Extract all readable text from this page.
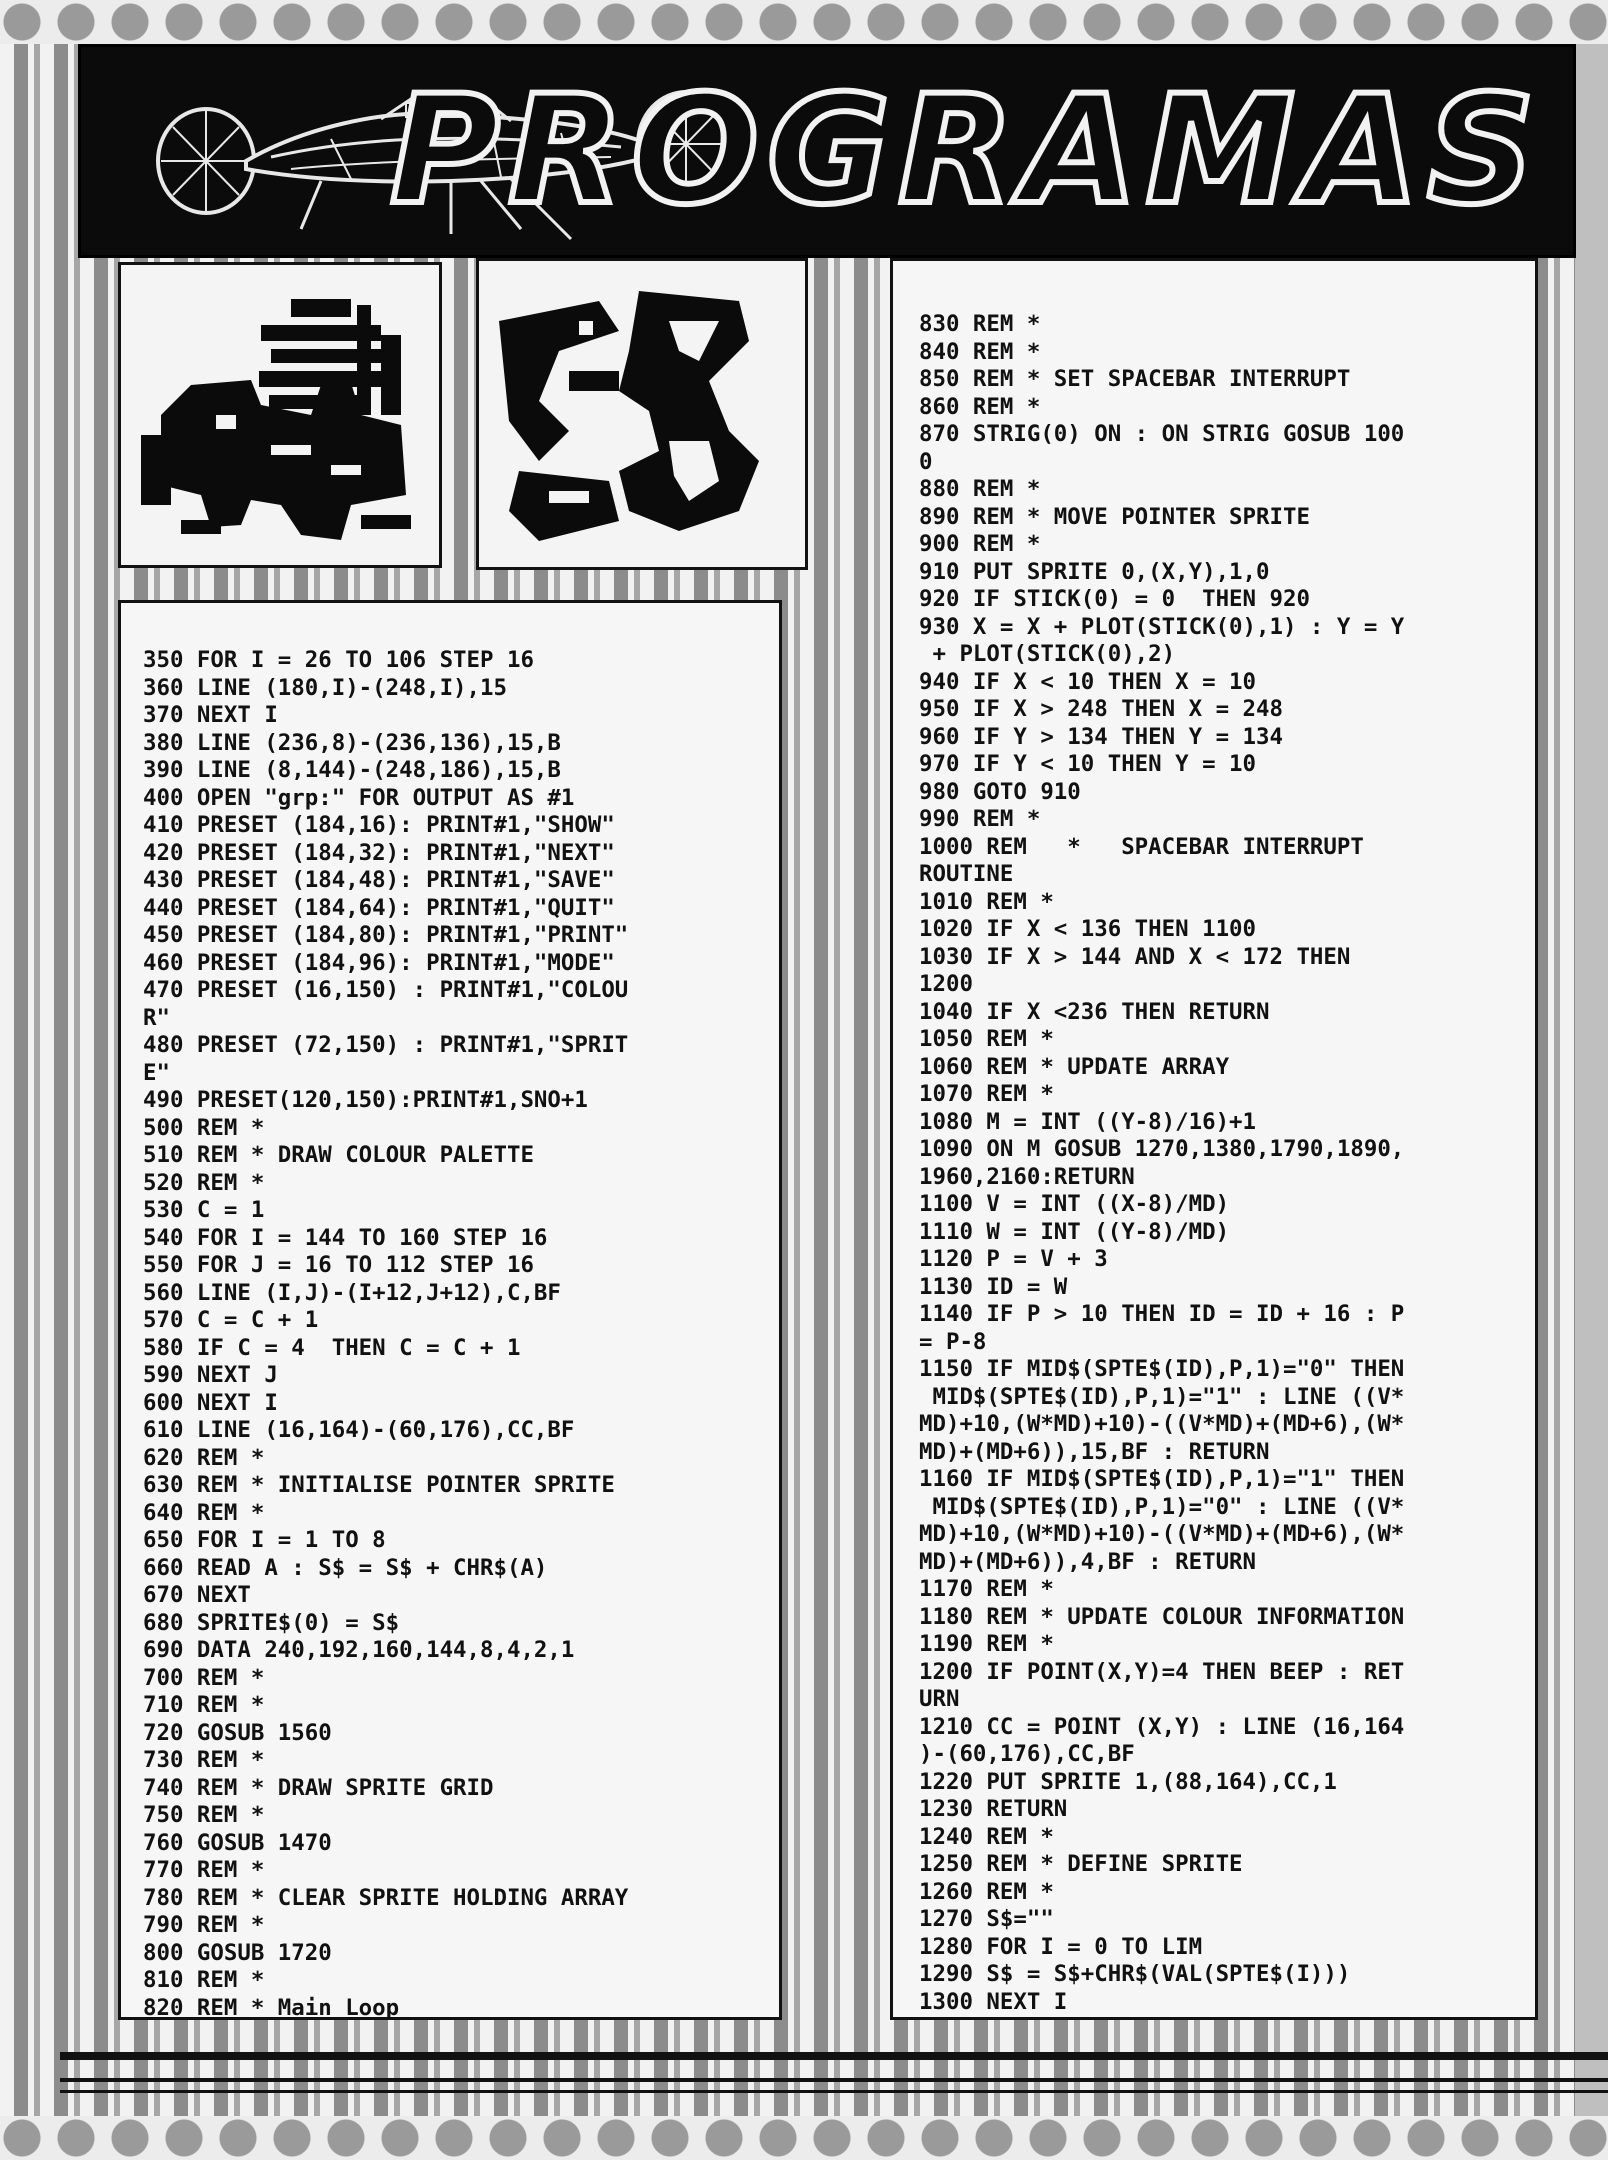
PROGRAMAS
350 FOR I = 26 TO 106 STEP 16
360 LINE (180,I)-(248,I),15
370 NEXT I
380 LINE (236,8)-(236,136),15,B
390 LINE (8,144)-(248,186),15,B
400 OPEN "grp:" FOR OUTPUT AS #1
410 PRESET (184,16): PRINT#1,"SHOW"
420 PRESET (184,32): PRINT#1,"NEXT"
430 PRESET (184,48): PRINT#1,"SAVE"
440 PRESET (184,64): PRINT#1,"QUIT"
450 PRESET (184,80): PRINT#1,"PRINT"
460 PRESET (184,96): PRINT#1,"MODE"
470 PRESET (16,150) : PRINT#1,"COLOU
R"
480 PRESET (72,150) : PRINT#1,"SPRIT
E"
490 PRESET(120,150):PRINT#1,SNO+1
500 REM *
510 REM * DRAW COLOUR PALETTE
520 REM *
530 C = 1
540 FOR I = 144 TO 160 STEP 16
550 FOR J = 16 TO 112 STEP 16
560 LINE (I,J)-(I+12,J+12),C,BF
570 C = C + 1
580 IF C = 4  THEN C = C + 1
590 NEXT J
600 NEXT I
610 LINE (16,164)-(60,176),CC,BF
620 REM *
630 REM * INITIALISE POINTER SPRITE
640 REM *
650 FOR I = 1 TO 8
660 READ A : S$ = S$ + CHR$(A)
670 NEXT
680 SPRITE$(0) = S$
690 DATA 240,192,160,144,8,4,2,1
700 REM *
710 REM *
720 GOSUB 1560
730 REM *
740 REM * DRAW SPRITE GRID
750 REM *
760 GOSUB 1470
770 REM *
780 REM * CLEAR SPRITE HOLDING ARRAY
790 REM *
800 GOSUB 1720
810 REM *
820 REM * Main Loop
830 REM *
840 REM *
850 REM * SET SPACEBAR INTERRUPT
860 REM *
870 STRIG(0) ON : ON STRIG GOSUB 100
0
880 REM *
890 REM * MOVE POINTER SPRITE
900 REM *
910 PUT SPRITE 0,(X,Y),1,0
920 IF STICK(0) = 0  THEN 920
930 X = X + PLOT(STICK(0),1) : Y = Y
+ PLOT(STICK(0),2)
940 IF X < 10 THEN X = 10
950 IF X > 248 THEN X = 248
960 IF Y > 134 THEN Y = 134
970 IF Y < 10 THEN Y = 10
980 GOTO 910
990 REM *
1000 REM   *   SPACEBAR INTERRUPT
ROUTINE
1010 REM *
1020 IF X < 136 THEN 1100
1030 IF X > 144 AND X < 172 THEN
1200
1040 IF X <236 THEN RETURN
1050 REM *
1060 REM * UPDATE ARRAY
1070 REM *
1080 M = INT ((Y-8)/16)+1
1090 ON M GOSUB 1270,1380,1790,1890,
1960,2160:RETURN
1100 V = INT ((X-8)/MD)
1110 W = INT ((Y-8)/MD)
1120 P = V + 3
1130 ID = W
1140 IF P > 10 THEN ID = ID + 16 : P
= P-8
1150 IF MID$(SPTE$(ID),P,1)="0" THEN
MID$(SPTE$(ID),P,1)="1" : LINE ((V*
MD)+10,(W*MD)+10)-((V*MD)+(MD+6),(W*
MD)+(MD+6)),15,BF : RETURN
1160 IF MID$(SPTE$(ID),P,1)="1" THEN
MID$(SPTE$(ID),P,1)="0" : LINE ((V*
MD)+10,(W*MD)+10)-((V*MD)+(MD+6),(W*
MD)+(MD+6)),4,BF : RETURN
1170 REM *
1180 REM * UPDATE COLOUR INFORMATION
1190 REM *
1200 IF POINT(X,Y)=4 THEN BEEP : RET
URN
1210 CC = POINT (X,Y) : LINE (16,164
)-(60,176),CC,BF
1220 PUT SPRITE 1,(88,164),CC,1
1230 RETURN
1240 REM *
1250 REM * DEFINE SPRITE
1260 REM *
1270 S$=""
1280 FOR I = 0 TO LIM
1290 S$ = S$+CHR$(VAL(SPTE$(I)))
1300 NEXT I
